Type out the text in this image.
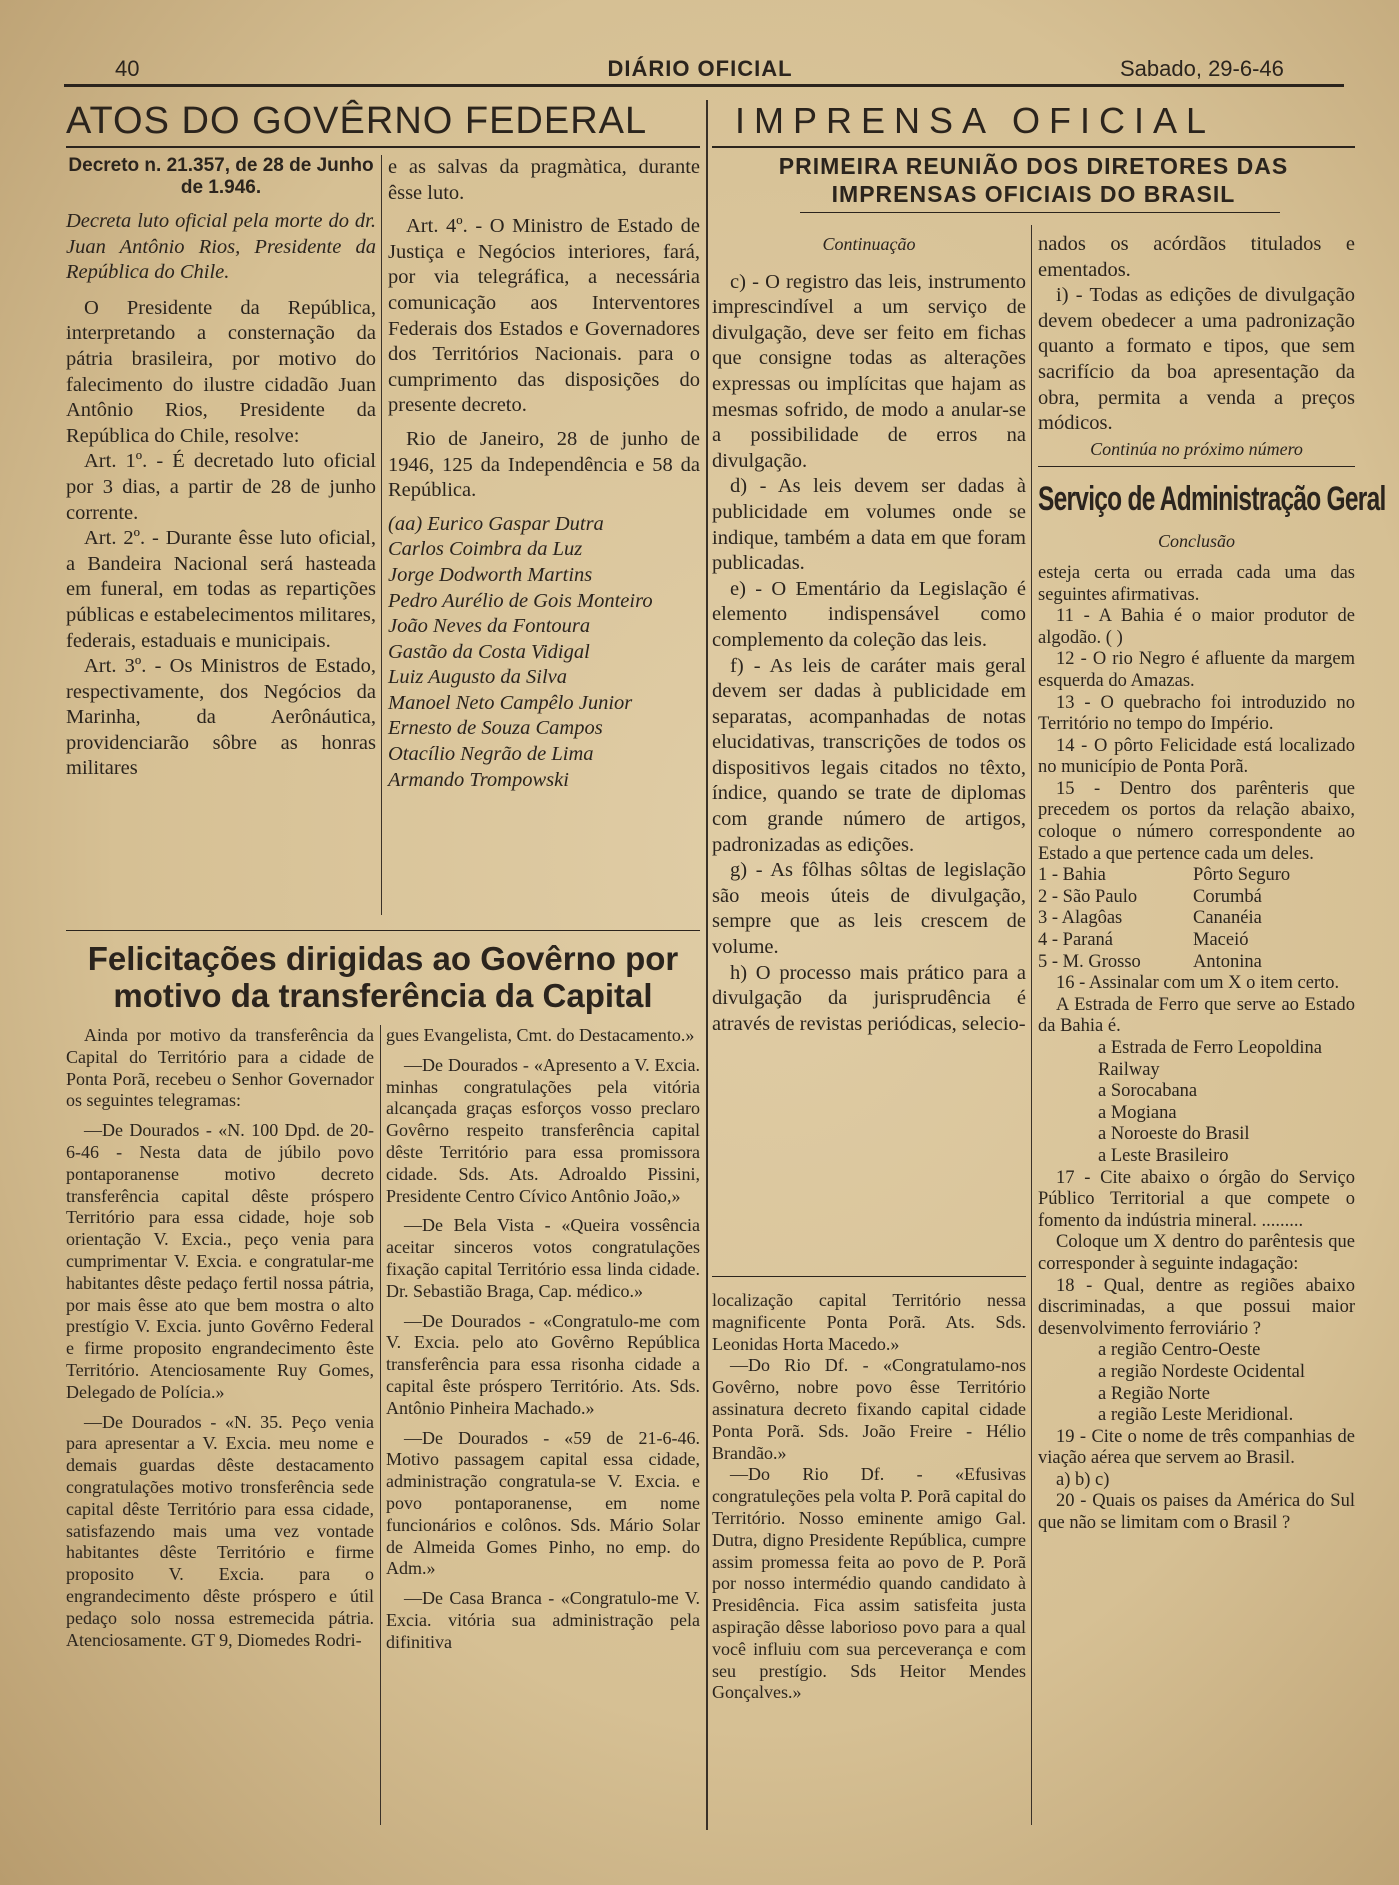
40	DIÁRIO OFICIAL	Sabado, 29-6-46
ATOS DO GOVÊRNO FEDERAL
Decreto n. 21.357, de 28 de Junho de 1.946.

Decreta luto oficial pela morte do dr. Juan Antônio Rios, Presidente da República do Chile.

O Presidente da República, interpretando a consternação da pátria brasileira, por motivo do falecimento do ilustre cidadão Juan Antônio Rios, Presidente da República do Chile, resolve:

Art. 1º. - É decretado luto oficial por 3 dias, a partir de 28 de junho corrente.

Art. 2º. - Durante êsse luto oficial, a Bandeira Nacional será hasteada em funeral, em todas as repartições públicas e estabelecimentos militares, federais, estaduais e municipais.

Art. 3º. - Os Ministros de Estado, respectivamente, dos Negócios da Marinha, da Aerônáutica, providenciarão sôbre as honras militares

e as salvas da pragmàtica, durante êsse luto.

Art. 4º. - O Ministro de Estado de Justiça e Negócios interiores, fará, por via telegráfica, a necessária comunicação aos Interventores Federais dos Estados e Governadores dos Territórios Nacionais. para o cumprimento das disposições do presente decreto.

Rio de Janeiro, 28 de junho de 1946, 125 da Independência e 58 da República.

(aa) Eurico Gaspar Dutra
Carlos Coimbra da Luz
Jorge Dodworth Martins
Pedro Aurélio de Gois Monteiro
João Neves da Fontoura
Gastão da Costa Vidigal
Luiz Augusto da Silva
Manoel Neto Campêlo Junior
Ernesto de Souza Campos
Otacílio Negrão de Lima
Armando Trompowski
Felicitações dirigidas ao Govêrno por motivo da transferência da Capital

Ainda por motivo da transferência da Capital do Território para a cidade de Ponta Porã, recebeu o Senhor Governador os seguintes telegramas:

—De Dourados - «N. 100 Dpd. de 20-6-46 - Nesta data de júbilo povo pontaporanense motivo decreto transferência capital dêste próspero Território para essa cidade, hoje sob orientação V. Excia., peço venia para cumprimentar V. Excia. e congratular-me habitantes dêste pedaço fertil nossa pátria, por mais êsse ato que bem mostra o alto prestígio V. Excia. junto Govêrno Federal e firme proposito engrandecimento êste Território. Atenciosamente Ruy Gomes, Delegado de Polícia.»

—De Dourados - «N. 35. Peço venia para apresentar a V. Excia. meu nome e demais guardas dêste destacamento congratulações motivo tronsferência sede capital dêste Território para essa cidade, satisfazendo mais uma vez vontade habitantes dêste Território e firme proposito V. Excia. para o engrandecimento dêste próspero e útil pedaço solo nossa estremecida pátria. Atenciosamente. GT 9, Diomedes Rodri-

gues Evangelista, Cmt. do Destacamento.»

—De Dourados - «Apresento a V. Excia. minhas congratulações pela vitória alcançada graças esforços vosso preclaro Govêrno respeito transferência capital dêste Território para essa promissora cidade. Sds. Ats. Adroaldo Pissini, Presidente Centro Cívico Antônio João,»

—De Bela Vista - «Queira vossência aceitar sinceros votos congratulações fixação capital Território essa linda cidade. Dr. Sebastião Braga, Cap. médico.»

—De Dourados - «Congratulo-me com V. Excia. pelo ato Govêrno República transferência para essa risonha cidade a capital êste próspero Território. Ats. Sds. Antônio Pinheira Machado.»

—De Dourados - «59 de 21-6-46. Motivo passagem capital essa cidade, administração congratula-se V. Excia. e povo pontaporanense, em nome funcionários e colônos. Sds. Mário Solar de Almeida Gomes Pinho, no emp. do Adm.»

—De Casa Branca - «Congratulo-me V. Excia. vitória sua administração pela difinitiva

localização capital Território nessa magnificente Ponta Porã. Ats. Sds. Leonidas Horta Macedo.»

—Do Rio Df. - «Congratulamo-nos Govêrno, nobre povo êsse Território assinatura decreto fixando capital cidade Ponta Porã. Sds. João Freire - Hélio Brandão.»

—Do Rio Df. - «Efusivas congratuleções pela volta P. Porã capital do Território. Nosso eminente amigo Gal. Dutra, digno Presidente República, cumpre assim promessa feita ao povo de P. Porã por nosso intermédio quando candidato à Presidência. Fica assim satisfeita justa aspiração dêsse laborioso povo para a qual você influiu com sua perceverança e com seu prestígio. Sds Heitor Mendes Gonçalves.»

IMPRENSA OFICIAL
PRIMEIRA REUNIÃO DOS DIRETORES DAS IMPRENSAS OFICIAIS DO BRASIL
Continuação

c) - O registro das leis, instrumento imprescindível a um serviço de divulgação, deve ser feito em fichas que consigne todas as alterações expressas ou implícitas que hajam as mesmas sofrido, de modo a anular-se a possibilidade de erros na divulgação.

d) - As leis devem ser dadas à publicidade em volumes onde se indique, também a data em que foram publicadas.

e) - O Ementário da Legislação é elemento indispensável como complemento da coleção das leis.

f) - As leis de caráter mais geral devem ser dadas à publicidade em separatas, acompanhadas de notas elucidativas, transcrições de todos os dispositivos legais citados no têxto, índice, quando se trate de diplomas com grande número de artigos, padronizadas as edições.

g) - As fôlhas sôltas de legislação são meois úteis de divulgação, sempre que as leis crescem de volume.

h) O processo mais prático para a divulgação da jurisprudência é através de revistas periódicas, selecio-

nados os acórdãos titulados e ementados.

i) - Todas as edições de divulgação devem obedecer a uma padronização quanto a formato e tipos, que sem sacrifício da boa apresentação da obra, permita a venda a preços módicos.

Continúa no próximo número
Serviço de Administração Geral
Conclusão

esteja certa ou errada cada uma das seguintes afirmativas.

11 - A Bahia é o maior produtor de algodão. ( )

12 - O rio Negro é afluente da margem esquerda do Amazas.

13 - O quebracho foi introduzido no Território no tempo do Império.

14 - O pôrto Felicidade está localizado no município de Ponta Porã.

15 - Dentro dos parênteris que precedem os portos da relação abaixo, coloque o número correspondente ao Estado a que pertence cada um deles.

1 - Bahia
2 - São Paulo
3 - Alagôas
4 - Paraná
5 - M. Grosso
Pôrto Seguro
Corumbá
Cananéia
Maceió
Antonina

16 - Assinalar com um X o item certo.

A Estrada de Ferro que serve ao Estado da Bahia é.

a Estrada de Ferro Leopoldina Railway
a Sorocabana
a Mogiana
a Noroeste do Brasil
a Leste Brasileiro

17 - Cite abaixo o órgão do Serviço Público Territorial a que compete o fomento da indústria mineral. .........

Coloque um X dentro do parêntesis que corresponder à seguinte indagação:

18 - Qual, dentre as regiões abaixo discriminadas, a que possui maior desenvolvimento ferroviário ?

a região Centro-Oeste
a região Nordeste Ocidental
a Região Norte
a região Leste Meridional.

19 - Cite o nome de três companhias de viação aérea que servem ao Brasil.

a) b) c)

20 - Quais os paises da América do Sul que não se limitam com o Brasil ?
